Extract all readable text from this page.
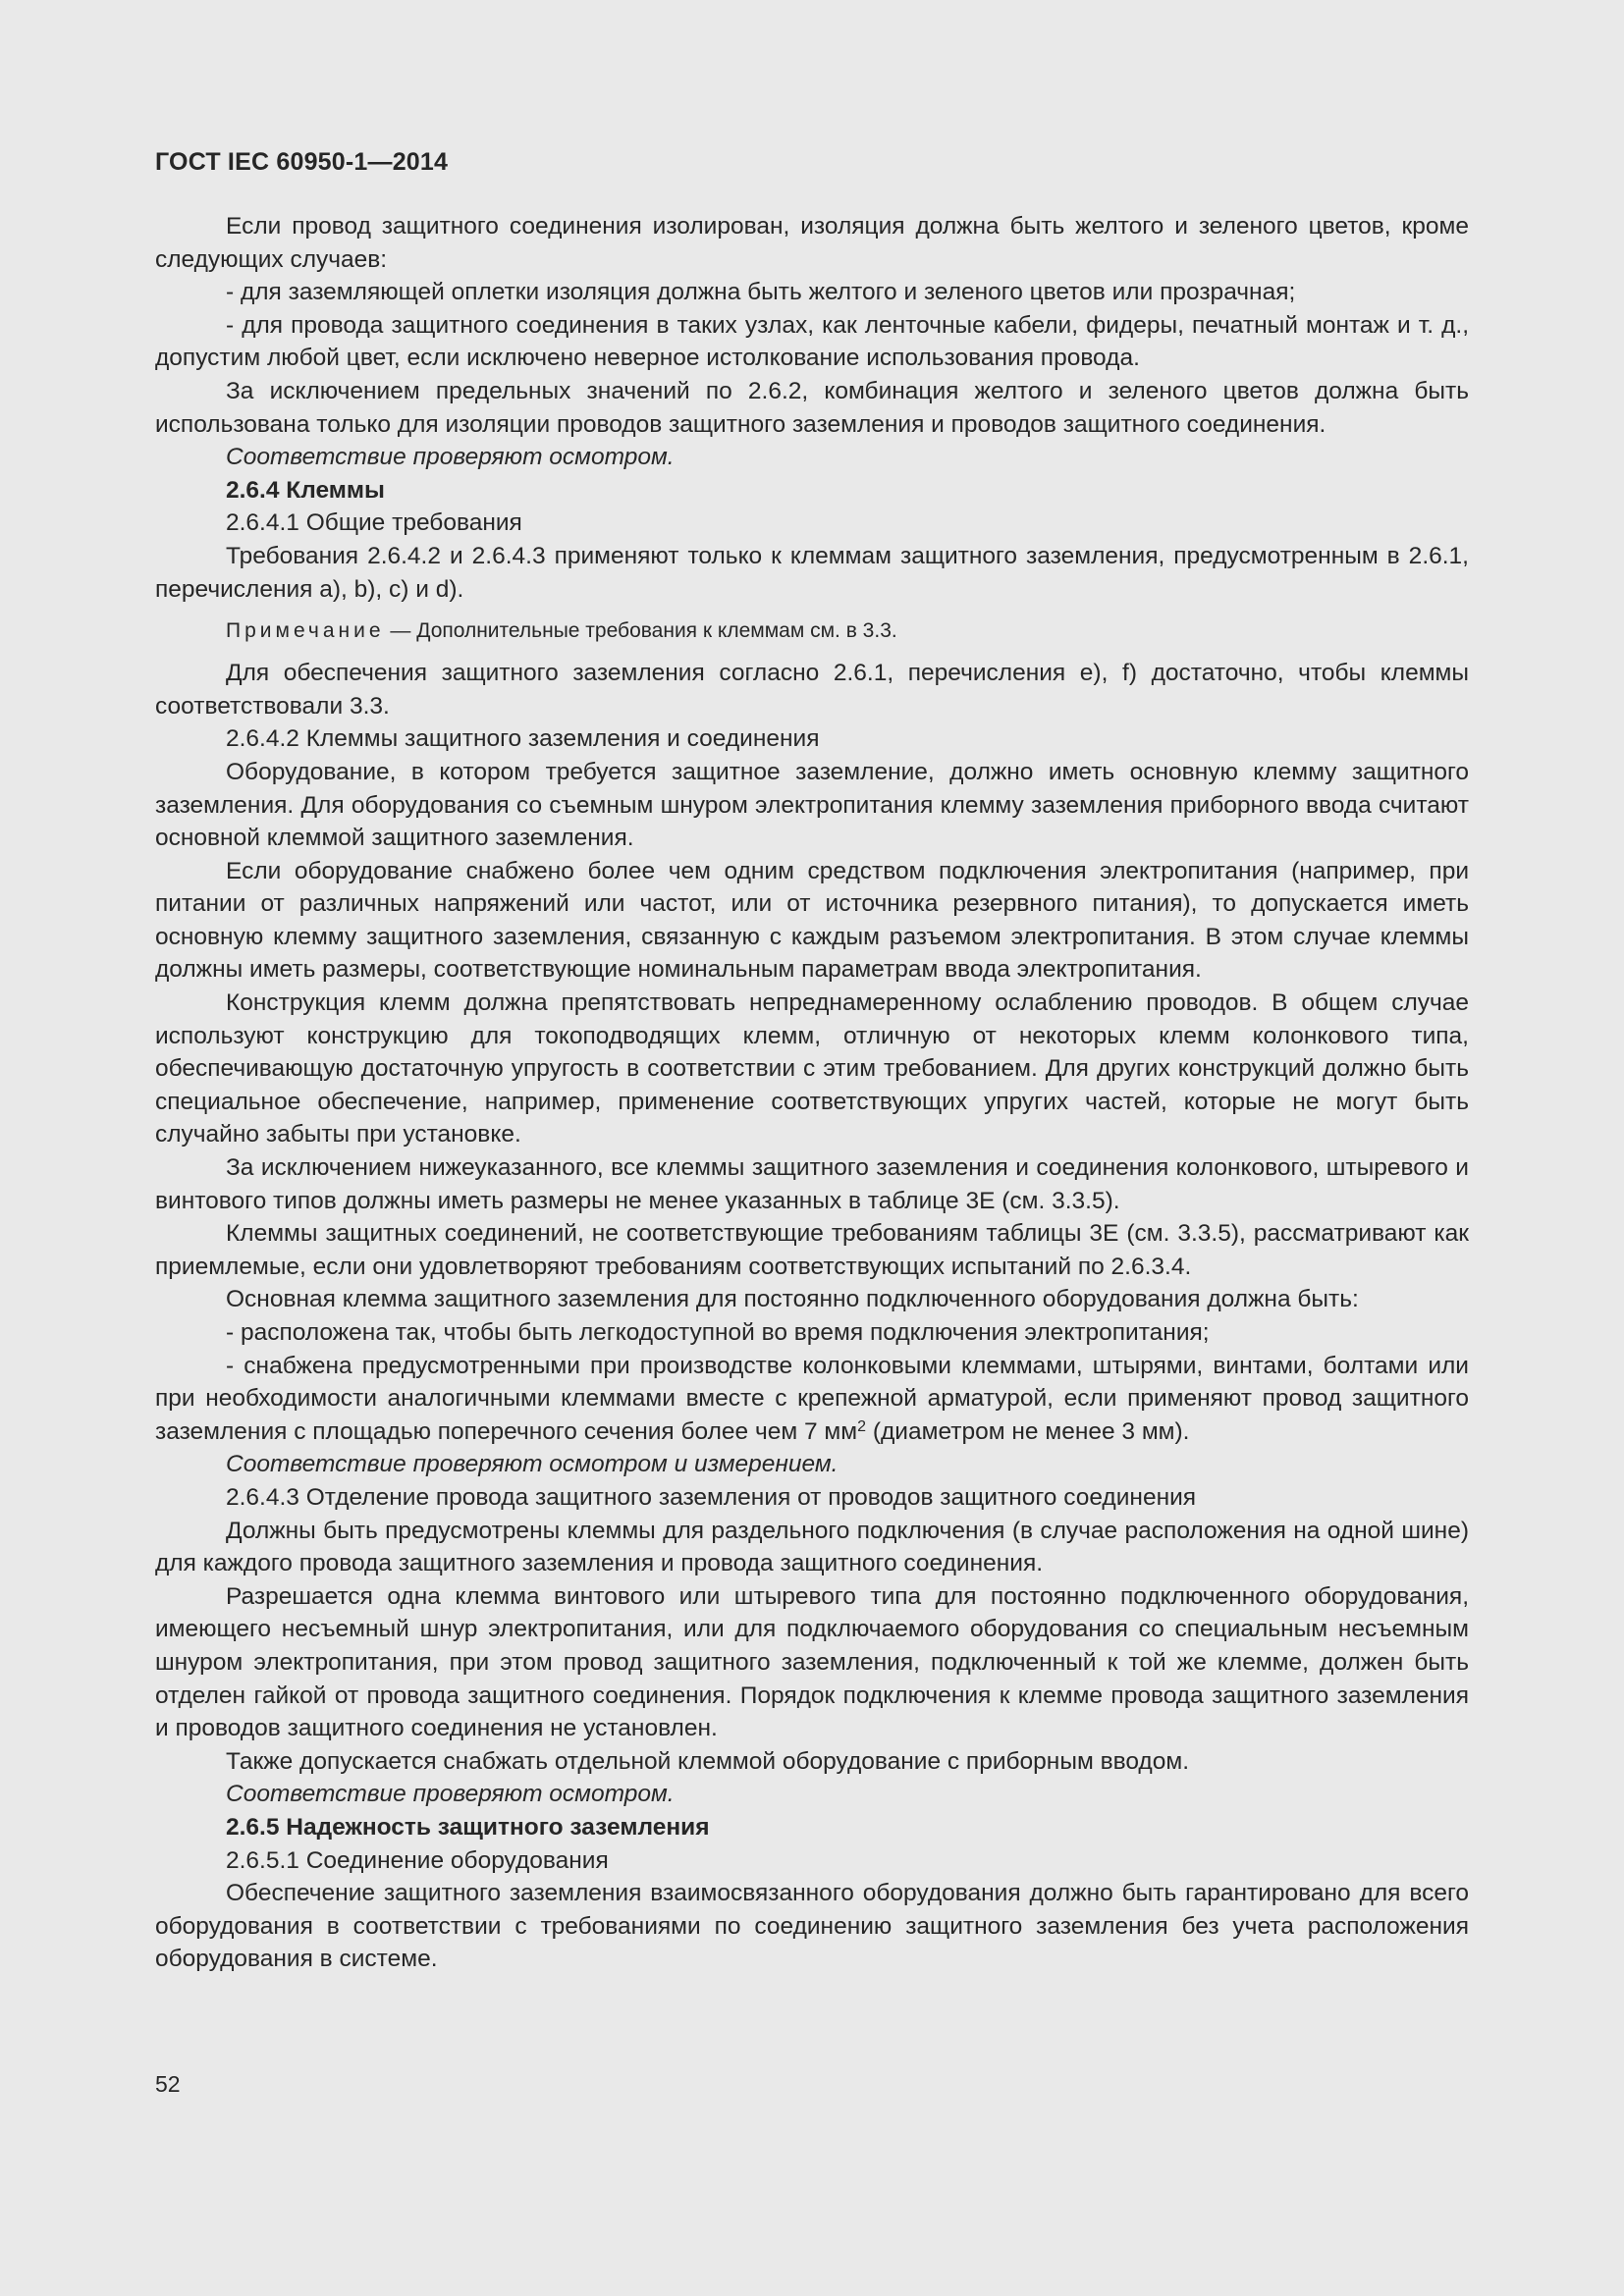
ГОСТ IEC 60950-1—2014

Если провод защитного соединения изолирован, изоляция должна быть желтого и зеленого цветов, кроме следующих случаев:

- для заземляющей оплетки изоляция должна быть желтого и зеленого цветов или прозрачная;

- для провода защитного соединения в таких узлах, как ленточные кабели, фидеры, печатный монтаж и т. д., допустим любой цвет, если исключено неверное истолкование использования провода.

За исключением предельных значений по 2.6.2, комбинация желтого и зеленого цветов должна быть использована только для изоляции проводов защитного заземления и проводов защитного соединения.

Соответствие проверяют осмотром.

2.6.4 Клеммы

2.6.4.1 Общие требования

Требования 2.6.4.2 и 2.6.4.3 применяют только к клеммам защитного заземления, предусмотренным в 2.6.1, перечисления a), b), c) и d).

Примечание — Дополнительные требования к клеммам см. в 3.3.

Для обеспечения защитного заземления согласно 2.6.1, перечисления е), f) достаточно, чтобы клеммы соответствовали 3.3.

2.6.4.2 Клеммы защитного заземления и соединения

Оборудование, в котором требуется защитное заземление, должно иметь основную клемму защитного заземления. Для оборудования со съемным шнуром электропитания клемму заземления приборного ввода считают основной клеммой защитного заземления.

Если оборудование снабжено более чем одним средством подключения электропитания (например, при питании от различных напряжений или частот, или от источника резервного питания), то допускается иметь основную клемму защитного заземления, связанную с каждым разъемом электропитания. В этом случае клеммы должны иметь размеры, соответствующие номинальным параметрам ввода электропитания.

Конструкция клемм должна препятствовать непреднамеренному ослаблению проводов. В общем случае используют конструкцию для токоподводящих клемм, отличную от некоторых клемм колонкового типа, обеспечивающую достаточную упругость в соответствии с этим требованием. Для других конструкций должно быть специальное обеспечение, например, применение соответствующих упругих частей, которые не могут быть случайно забыты при установке.

За исключением нижеуказанного, все клеммы защитного заземления и соединения колонкового, штыревого и винтового типов должны иметь размеры не менее указанных в таблице 3Е (см. 3.3.5).

Клеммы защитных соединений, не соответствующие требованиям таблицы 3Е (см. 3.3.5), рассматривают как приемлемые, если они удовлетворяют требованиям соответствующих испытаний по 2.6.3.4.

Основная клемма защитного заземления для постоянно подключенного оборудования должна быть:

- расположена так, чтобы быть легкодоступной во время подключения электропитания;

- снабжена предусмотренными при производстве колонковыми клеммами, штырями, винтами, болтами или при необходимости аналогичными клеммами вместе с крепежной арматурой, если применяют провод защитного заземления с площадью поперечного сечения более чем 7 $мм^2$ (диаметром не менее 3 мм).

Соответствие проверяют осмотром и измерением.

2.6.4.3 Отделение провода защитного заземления от проводов защитного соединения

Должны быть предусмотрены клеммы для раздельного подключения (в случае расположения на одной шине) для каждого провода защитного заземления и провода защитного соединения.

Разрешается одна клемма винтового или штыревого типа для постоянно подключенного оборудования, имеющего несъемный шнур электропитания, или для подключаемого оборудования со специальным несъемным шнуром электропитания, при этом провод защитного заземления, подключенный к той же клемме, должен быть отделен гайкой от провода защитного соединения. Порядок подключения к клемме провода защитного заземления и проводов защитного соединения не установлен.

Также допускается снабжать отдельной клеммой оборудование с приборным вводом.

Соответствие проверяют осмотром.

2.6.5 Надежность защитного заземления

2.6.5.1 Соединение оборудования

Обеспечение защитного заземления взаимосвязанного оборудования должно быть гарантировано для всего оборудования в соответствии с требованиями по соединению защитного заземления без учета расположения оборудования в системе.

52
